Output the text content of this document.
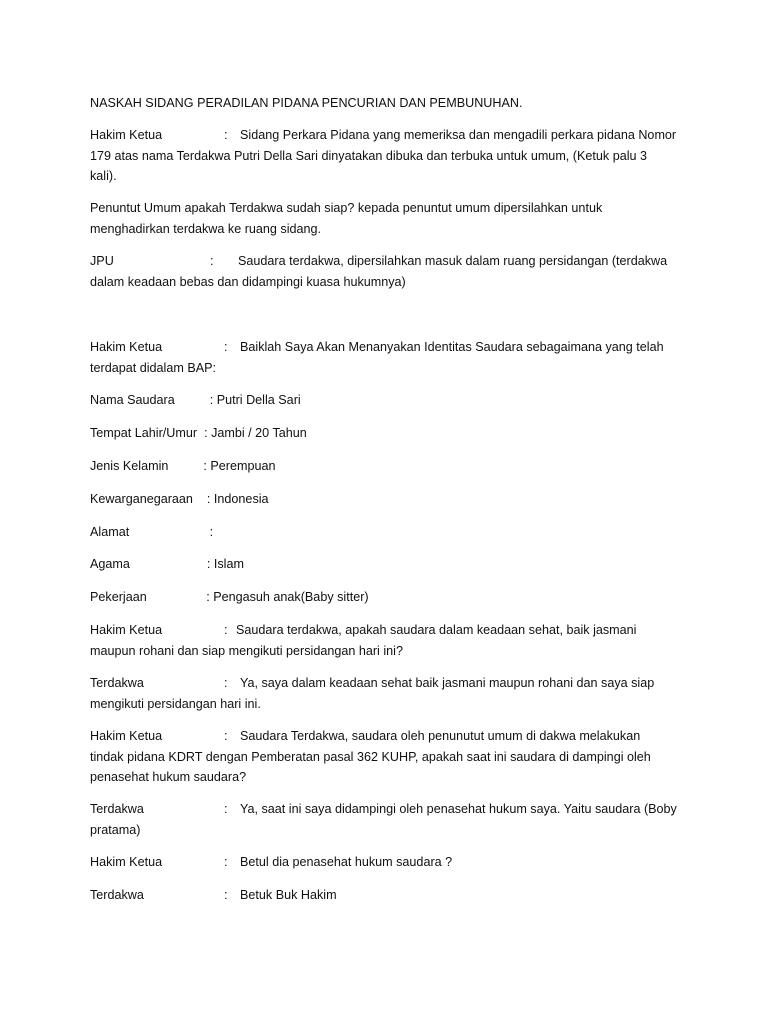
NASKAH SIDANG PERADILAN PIDANA PENCURIAN DAN PEMBUNUHAN.
Hakim Ketua	: Sidang Perkara Pidana yang memeriksa dan mengadili perkara pidana Nomor
179 atas nama Terdakwa Putri Della Sari dinyatakan dibuka dan terbuka untuk umum, (Ketuk palu 3
kali).
Penuntut Umum apakah Terdakwa sudah siap? kepada penuntut umum dipersilahkan untuk
menghadirkan terdakwa ke ruang sidang.
JPU	: Saudara terdakwa, dipersilahkan masuk dalam ruang persidangan (terdakwa
dalam keadaan bebas dan didampingi kuasa hukumnya)
Hakim Ketua	: Baiklah Saya Akan Menanyakan Identitas Saudara sebagaimana yang telah
terdapat didalam BAP:
Nama Saudara          : Putri Della Sari
Tempat Lahir/Umur  : Jambi / 20 Tahun
Jenis Kelamin          : Perempuan
Kewarganegaraan    : Indonesia
Alamat                       :
Agama                      : Islam
Pekerjaan                 : Pengasuh anak(Baby sitter)
Hakim Ketua	: Saudara terdakwa, apakah saudara dalam keadaan sehat, baik jasmani
maupun rohani dan siap mengikuti persidangan hari ini?
Terdakwa	: Ya, saya dalam keadaan sehat baik jasmani maupun rohani dan saya siap
mengikuti persidangan hari ini.
Hakim Ketua	: Saudara Terdakwa, saudara oleh penunutut umum di dakwa melakukan
tindak pidana KDRT dengan Pemberatan pasal 362 KUHP, apakah saat ini saudara di dampingi oleh
penasehat hukum saudara?
Terdakwa	: Ya, saat ini saya didampingi oleh penasehat hukum saya. Yaitu saudara (Boby
pratama)
Hakim Ketua	: Betul dia penasehat hukum saudara ?
Terdakwa	: Betuk Buk Hakim
